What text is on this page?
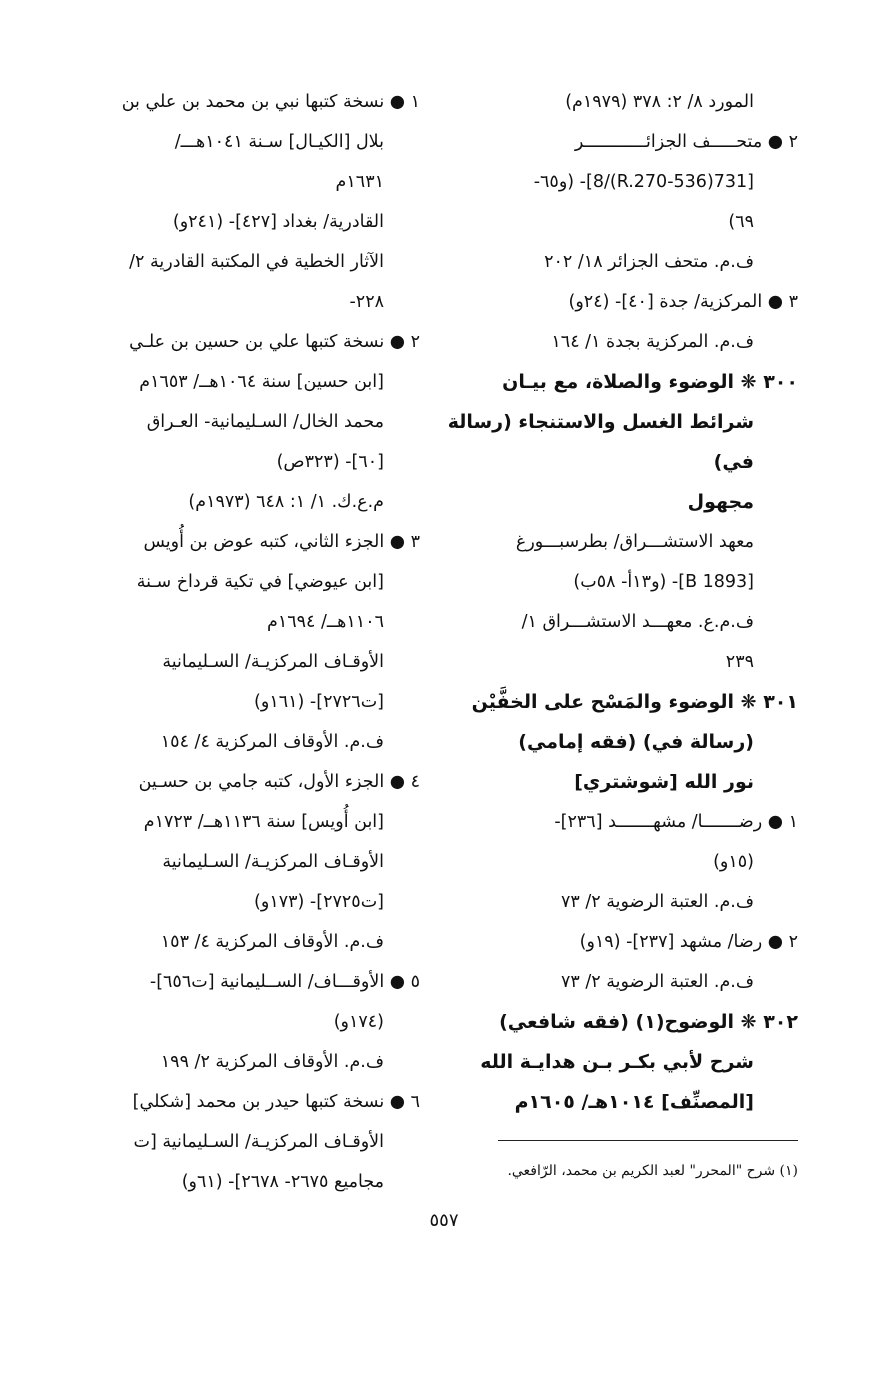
المورد ٨/ ٢: ٣٧٨ (١٩٧٩م)
٢ ● متحـــــف الجزائــــــــــــر
[731(536-R.270)/8]- (و٦٥-
٦٩)
ف.م. متحف الجزائر ١٨/ ٢٠٢
٣ ● المركزية/ جدة [٤٠]- (٢٤و)
ف.م. المركزية بجدة ١/ ١٦٤
٣٠٠ ❋ الوضوء والصلاة، مع بيـان
شرائط الغسل والاستنجاء (رسالة
في)
مجهول
معهد الاستشـــراق/ بطرسبـــورغ
[B 1893]- (و١٣أ- ٥٨ب)
ف.م.ع. معهـــد الاستشـــراق ١/
٢٣٩
٣٠١ ❋ الوضوء والمَسْح على الخفَّيْن
(رسالة في) (فقه إمامي)
نور الله [شوشتري]
١ ● رضـــــــا/ مشهـــــــد [٢٣٦]-
(١٥و)
ف.م. العتبة الرضوية ٢/ ٧٣
٢ ● رضا/ مشهد [٢٣٧]- (١٩و)
ف.م. العتبة الرضوية ٢/ ٧٣
٣٠٢ ❋ الوضوح(١) (فقه شافعي)
شرح لأبي بكـر بـن هدايـة الله
[المصنِّف] ١٠١٤هـ/ ١٦٠٥م
١ ● نسخة كتبها نبي بن محمد بن علي بن
بلال [الكيـال] سـنة ١٠٤١هـــ/
١٦٣١م
القادرية/ بغداد [٤٢٧]- (٢٤١و)
الآثار الخطية في المكتبة القادرية ٢/
٢٢٨-
٢ ● نسخة كتبها علي بن حسين بن علـي
[ابن حسين] سنة ١٠٦٤هــ/ ١٦٥٣م
محمد الخال/ السـليمانية- العـراق
[٦٠]- (٣٢٣ص)
م.ع.ك. ١/ ١: ٦٤٨ (١٩٧٣م)
٣ ● الجزء الثاني، كتبه عوض بن أُويس
[ابن عيوضي] في تكية قرداخ سـنة
١١٠٦هــ/ ١٦٩٤م
الأوقـاف المركزيـة/ السـليمانية
[ت٢٧٢٦]- (١٦١و)
ف.م. الأوقاف المركزية ٤/ ١٥٤
٤ ● الجزء الأول، كتبه جامي بن حسـين
[ابن أُويس] سنة ١١٣٦هــ/ ١٧٢٣م
الأوقـاف المركزيـة/ السـليمانية
[ت٢٧٢٥]- (١٧٣و)
ف.م. الأوقاف المركزية ٤/ ١٥٣
٥ ● الأوقـــاف/ الســليمانية [ت٦٥٦]-
(١٧٤و)
ف.م. الأوقاف المركزية ٢/ ١٩٩
٦ ● نسخة كتبها حيدر بن محمد [شكلي]
الأوقـاف المركزيـة/ السـليمانية [ت
مجاميع ٢٦٧٥- ٢٦٧٨]- (٦١و)
(١) شرح "المحرر" لعبد الكريم بن محمد، الرّافعي.
٥٥٧
